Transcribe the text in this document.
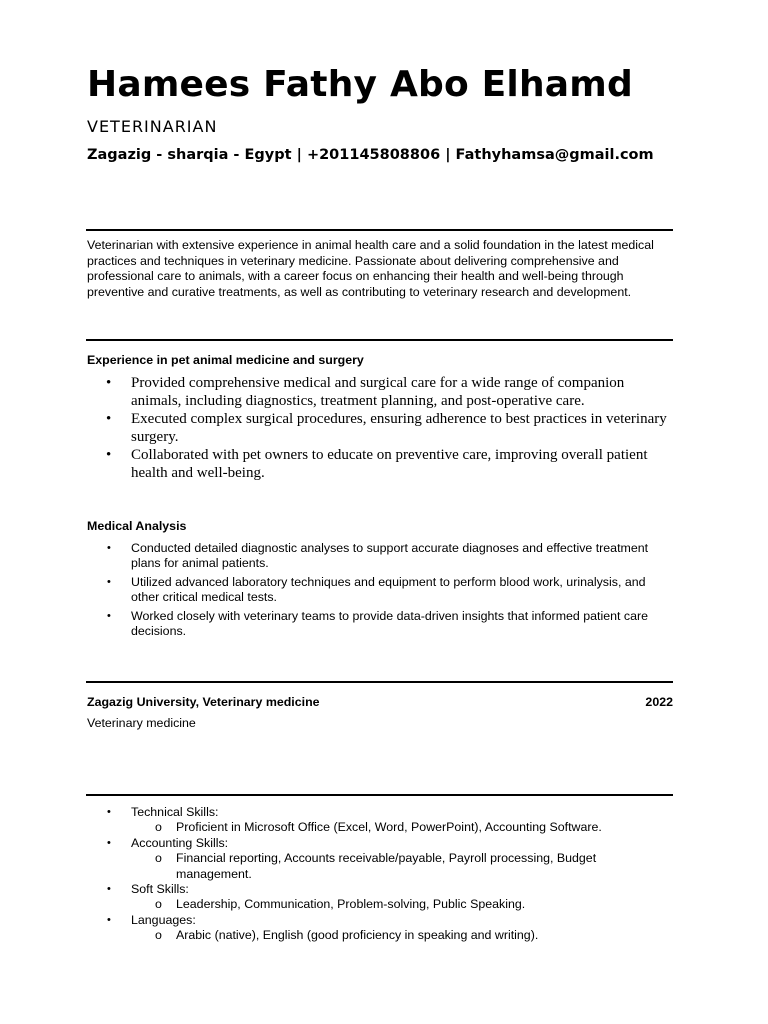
Hamees Fathy Abo Elhamd
VETERINARIAN
Zagazig - sharqia - Egypt | +201145808806 | Fathyhamsa@gmail.com
Veterinarian with extensive experience in animal health care and a solid foundation in the latest medical practices and techniques in veterinary medicine. Passionate about delivering comprehensive and professional care to animals, with a career focus on enhancing their health and well-being through preventive and curative treatments, as well as contributing to veterinary research and development.
Experience in pet animal medicine and surgery
• Provided comprehensive medical and surgical care for a wide range of companion animals, including diagnostics, treatment planning, and post-operative care.
• Executed complex surgical procedures, ensuring adherence to best practices in veterinary surgery.
• Collaborated with pet owners to educate on preventive care, improving overall patient health and well-being.
Medical Analysis
• Conducted detailed diagnostic analyses to support accurate diagnoses and effective treatment plans for animal patients.
• Utilized advanced laboratory techniques and equipment to perform blood work, urinalysis, and other critical medical tests.
• Worked closely with veterinary teams to provide data-driven insights that informed patient care decisions.
Zagazig University, Veterinary medicine	2022
Veterinary medicine
• Technical Skills:
o Proficient in Microsoft Office (Excel, Word, PowerPoint), Accounting Software.
• Accounting Skills:
o Financial reporting, Accounts receivable/payable, Payroll processing, Budget management.
• Soft Skills:
o Leadership, Communication, Problem-solving, Public Speaking.
• Languages:
o Arabic (native), English (good proficiency in speaking and writing).
